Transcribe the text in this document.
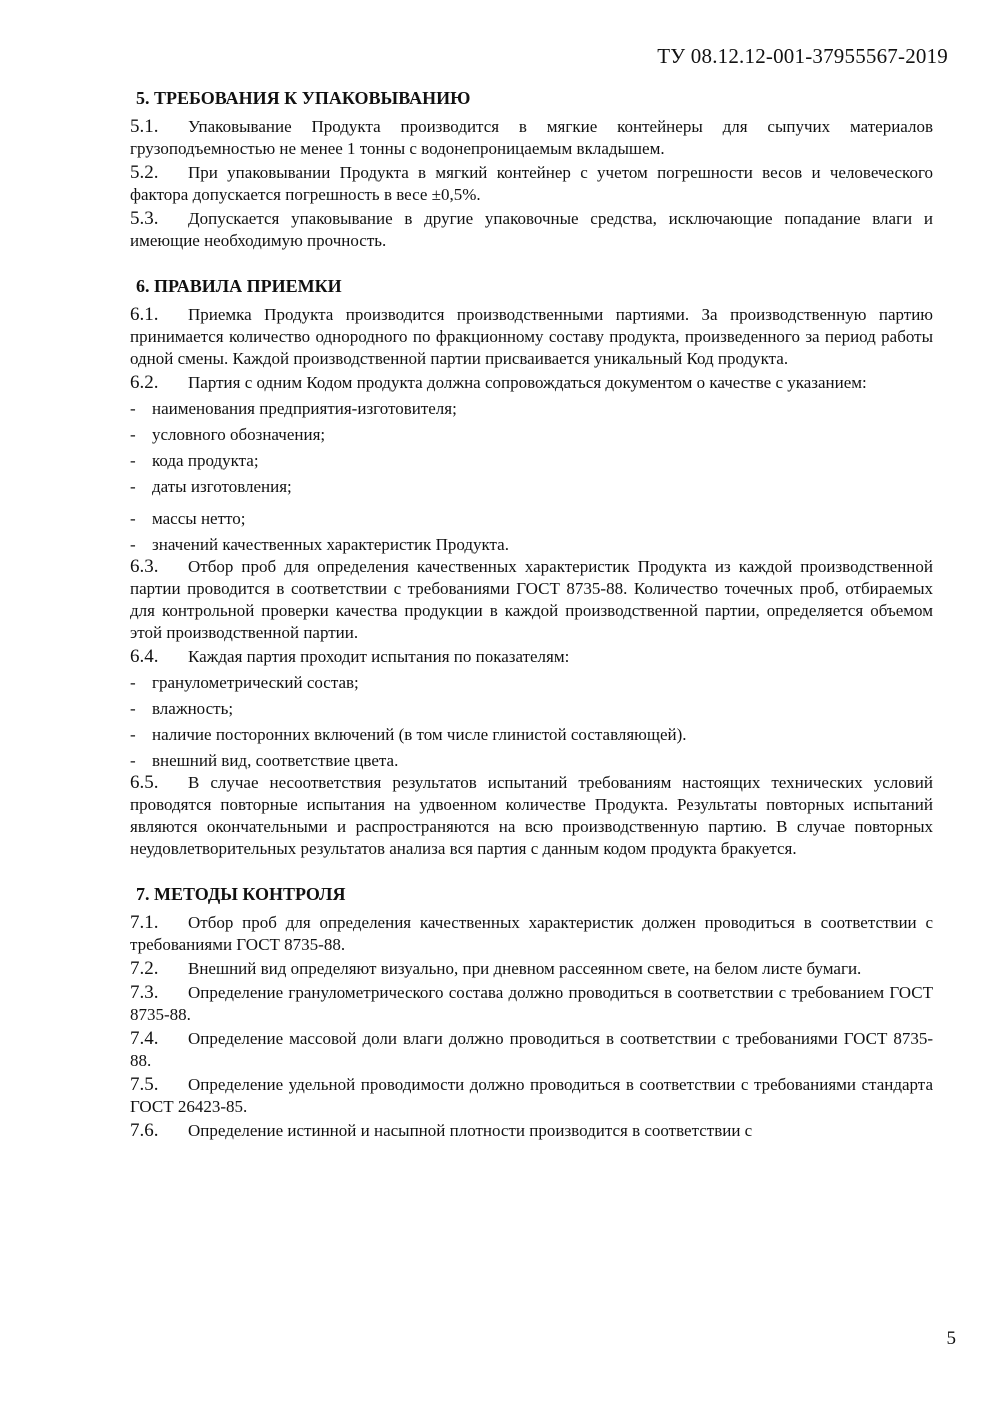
ТУ 08.12.12-001-37955567-2019
5. ТРЕБОВАНИЯ К УПАКОВЫВАНИЮ

5.1. Упаковывание Продукта производится в мягкие контейнеры для сыпучих материалов грузоподъемностью не менее 1 тонны с водонепроницаемым вкладышем.

5.2. При упаковывании Продукта в мягкий контейнер с учетом погрешности весов и человеческого фактора допускается погрешность в весе ±0,5%.

5.3. Допускается упаковывание в другие упаковочные средства, исключающие попадание влаги и имеющие необходимую прочность.

6. ПРАВИЛА ПРИЕМКИ

6.1. Приемка Продукта производится производственными партиями. За производственную партию принимается количество однородного по фракционному составу продукта, произведенного за период работы одной смены. Каждой производственной партии присваивается уникальный Код продукта.

6.2. Партия с одним Кодом продукта должна сопровождаться документом о качестве с указанием:

- наименования предприятия-изготовителя;
- условного обозначения;
- кода продукта;
- даты изготовления;
- массы нетто;
- значений качественных характеристик Продукта.

6.3. Отбор проб для определения качественных характеристик Продукта из каждой производственной партии проводится в соответствии с требованиями ГОСТ 8735-88. Количество точечных проб, отбираемых для контрольной проверки качества продукции в каждой производственной партии, определяется объемом этой производственной партии.

6.4. Каждая партия проходит испытания по показателям:

- гранулометрический состав;
- влажность;
- наличие посторонних включений (в том числе глинистой составляющей).
- внешний вид, соответствие цвета.

6.5. В случае несоответствия результатов испытаний требованиям настоящих технических условий проводятся повторные испытания на удвоенном количестве Продукта. Результаты повторных испытаний являются окончательными и распространяются на всю производственную партию. В случае повторных неудовлетворительных результатов анализа вся партия с данным кодом продукта бракуется.

7. МЕТОДЫ КОНТРОЛЯ

7.1. Отбор проб для определения качественных характеристик должен проводиться в соответствии с требованиями ГОСТ 8735-88.

7.2. Внешний вид определяют визуально, при дневном рассеянном свете, на белом листе бумаги.

7.3. Определение гранулометрического состава должно проводиться в соответствии с требованием ГОСТ 8735-88.

7.4. Определение массовой доли влаги должно проводиться в соответствии с требованиями ГОСТ 8735-88.

7.5. Определение удельной проводимости должно проводиться в соответствии с требованиями стандарта ГОСТ 26423-85.

7.6. Определение истинной и насыпной плотности производится в соответствии с

5
